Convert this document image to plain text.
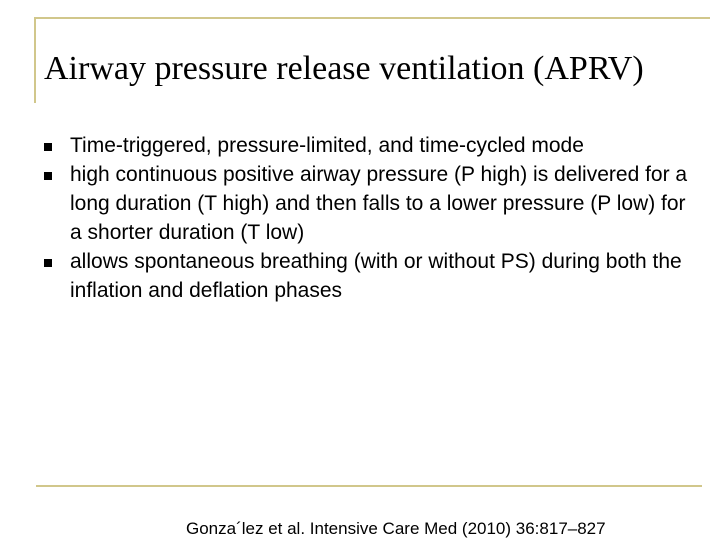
Airway pressure release ventilation (APRV)
Time-triggered, pressure-limited, and time-cycled mode
high continuous positive airway pressure (P high) is delivered for a long duration (T high) and then falls to a lower pressure (P low) for a shorter duration (T low)
allows spontaneous breathing (with or without PS) during both the inflation and deflation phases

Gonza´lez et al. Intensive Care Med (2010) 36:817–827
